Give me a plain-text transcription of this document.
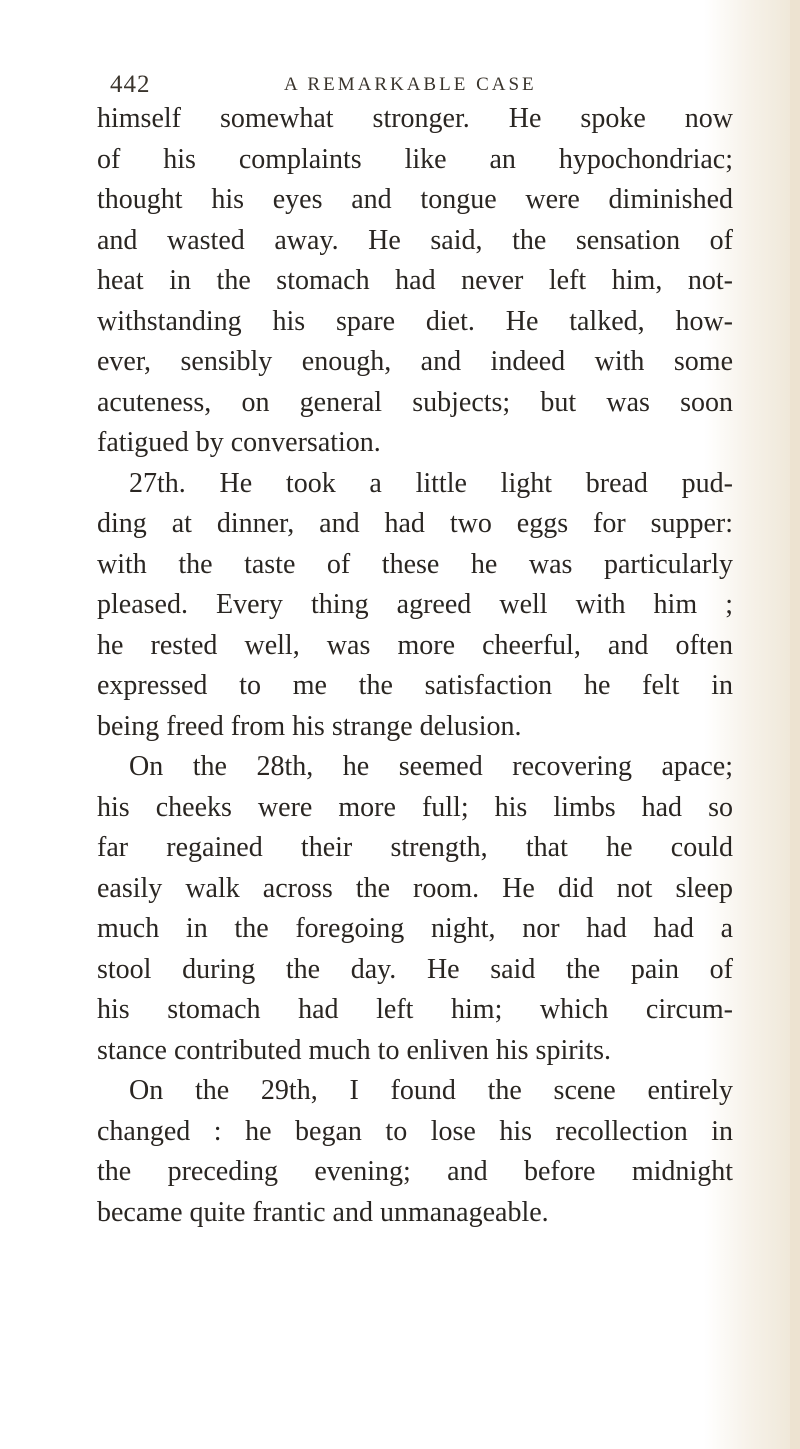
442	A REMARKABLE CASE
himself somewhat stronger. He spoke now
of his complaints like an hypochondriac;
thought his eyes and tongue were diminished
and wasted away. He said, the sensation of
heat in the stomach had never left him, not-
withstanding his spare diet. He talked, how-
ever, sensibly enough, and indeed with some
acuteness, on general subjects; but was soon
fatigued by conversation.
27th. He took a little light bread pud-
ding at dinner, and had two eggs for supper:
with the taste of these he was particularly
pleased. Every thing agreed well with him ;
he rested well, was more cheerful, and often
expressed to me the satisfaction he felt in
being freed from his strange delusion.
On the 28th, he seemed recovering apace;
his cheeks were more full; his limbs had so
far regained their strength, that he could
easily walk across the room. He did not sleep
much in the foregoing night, nor had had a
stool during the day. He said the pain of
his stomach had left him; which circum-
stance contributed much to enliven his spirits.
On the 29th, I found the scene entirely
changed : he began to lose his recollection in
the preceding evening; and before midnight
became quite frantic and unmanageable.
